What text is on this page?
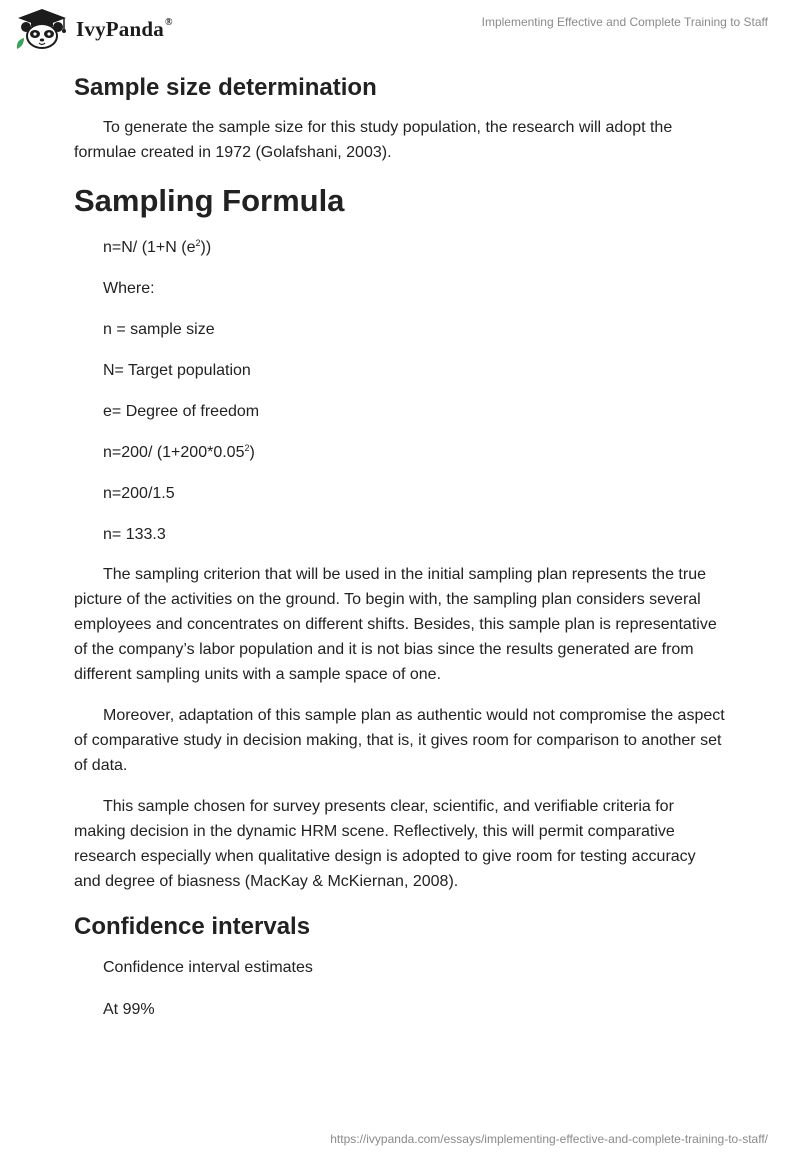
IvyPanda®	Implementing Effective and Complete Training to Staff
Sample size determination

To generate the sample size for this study population, the research will adopt the formulae created in 1972 (Golafshani, 2003).

Sampling Formula
n=N/ (1+N $(e^2)$)
Where:
n = sample size
N= Target population
e= Degree of freedom
n=200/ $(1+200*0.05^2)$
n=200/1.5
n= 133.3

The sampling criterion that will be used in the initial sampling plan represents the true picture of the activities on the ground. To begin with, the sampling plan considers several employees and concentrates on different shifts. Besides, this sample plan is representative of the company’s labor population and it is not bias since the results generated are from different sampling units with a sample space of one.

Moreover, adaptation of this sample plan as authentic would not compromise the aspect of comparative study in decision making, that is, it gives room for comparison to another set of data.

This sample chosen for survey presents clear, scientific, and verifiable criteria for making decision in the dynamic HRM scene. Reflectively, this will permit comparative research especially when qualitative design is adopted to give room for testing accuracy and degree of biasness (MacKay & McKiernan, 2008).

Confidence intervals
Confidence interval estimates
At 99%
https://ivypanda.com/essays/implementing-effective-and-complete-training-to-staff/
